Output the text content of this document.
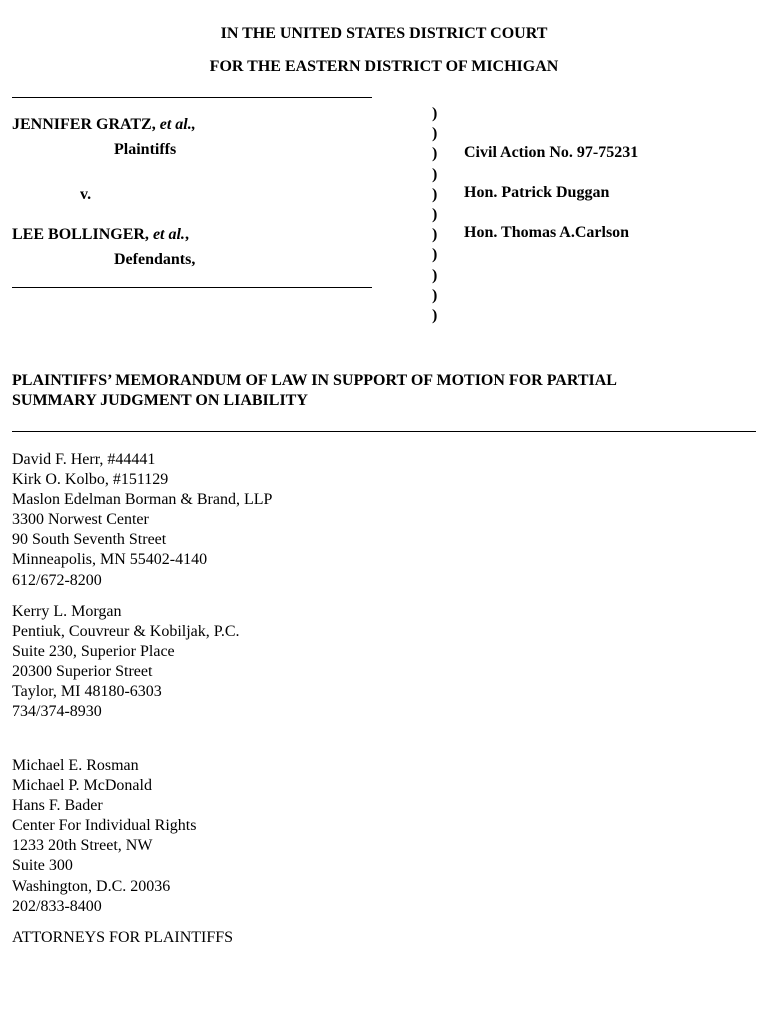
IN THE UNITED STATES DISTRICT COURT
FOR THE EASTERN DISTRICT OF MICHIGAN
JENNIFER GRATZ, et al.,
Plaintiffs
v.
LEE BOLLINGER, et al.,
Defendants,
)
)
)
)
)
)
)
)
)
)
)
Civil Action No. 97-75231
Hon. Patrick Duggan
Hon. Thomas A.Carlson
PLAINTIFFS’ MEMORANDUM OF LAW IN SUPPORT OF MOTION FOR PARTIAL
SUMMARY JUDGMENT ON LIABILITY
David F. Herr, #44441
Kirk O. Kolbo, #151129
Maslon Edelman Borman & Brand, LLP
3300 Norwest Center
90 South Seventh Street
Minneapolis, MN 55402-4140
612/672-8200
Kerry L. Morgan
Pentiuk, Couvreur & Kobiljak, P.C.
Suite 230, Superior Place
20300 Superior Street
Taylor, MI 48180-6303
734/374-8930
Michael E. Rosman
Michael P. McDonald
Hans F. Bader
Center For Individual Rights
1233 20th Street, NW
Suite 300
Washington, D.C. 20036
202/833-8400
ATTORNEYS FOR PLAINTIFFS
